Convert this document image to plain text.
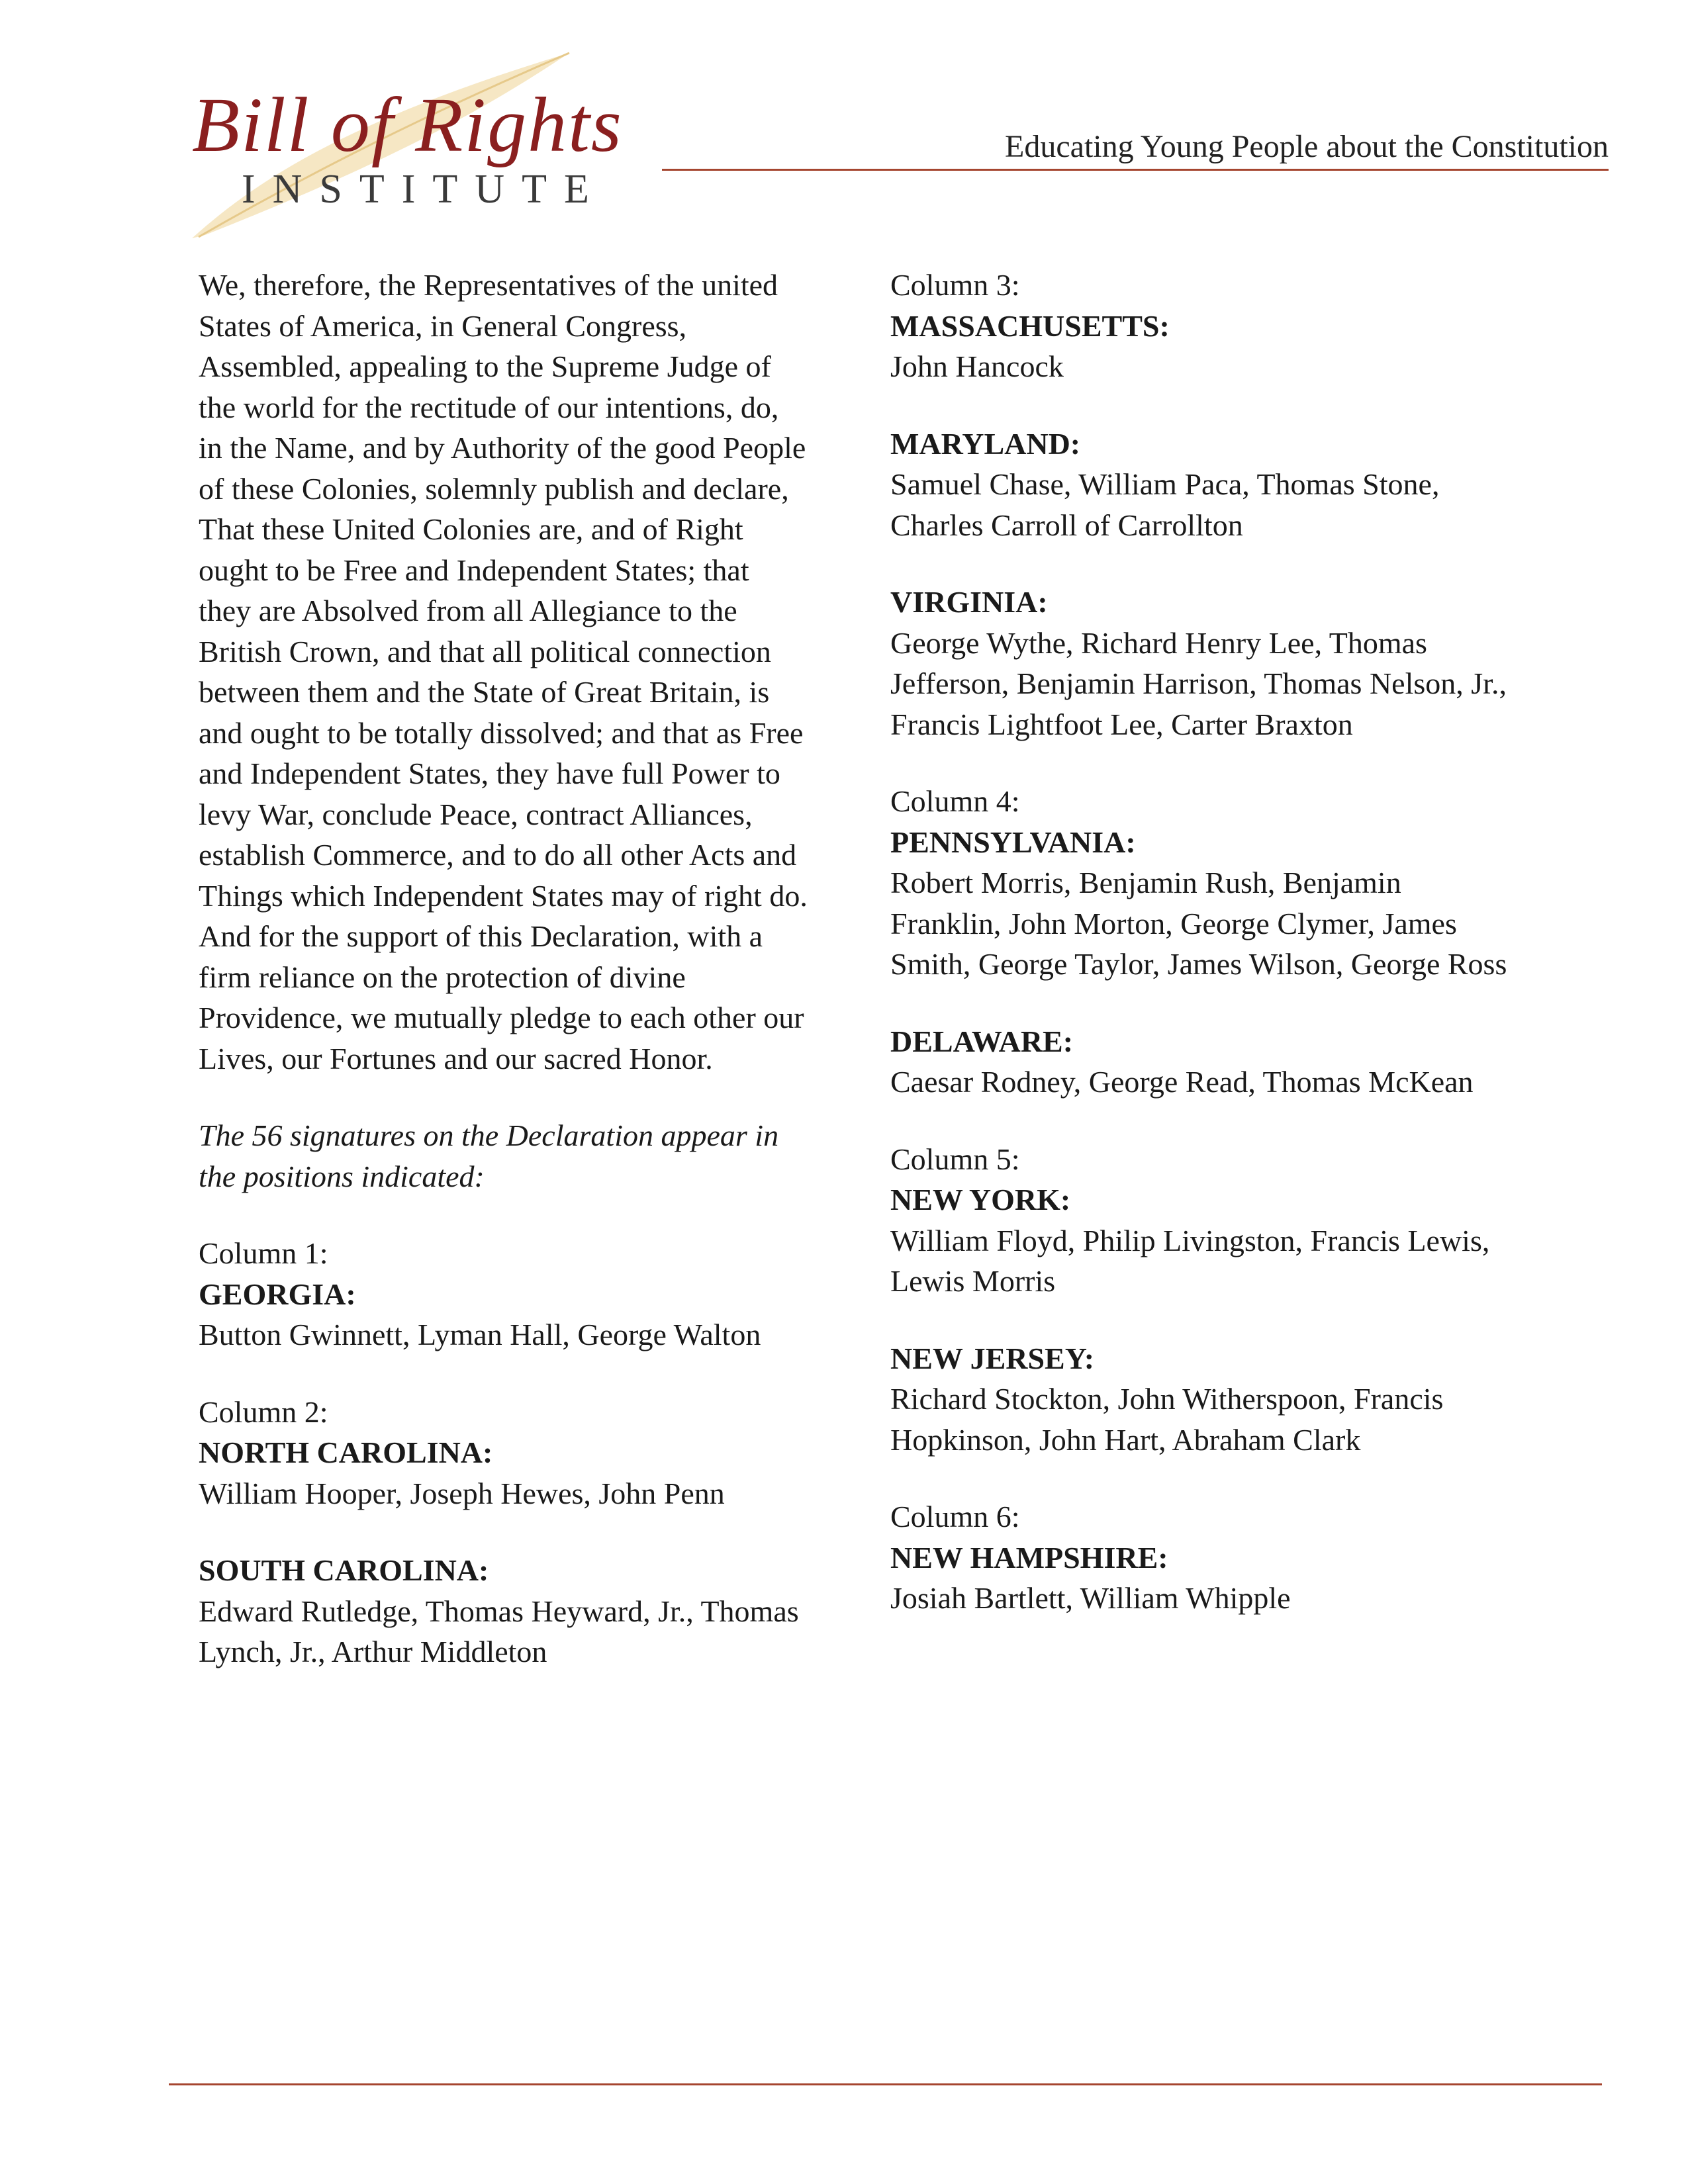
Bill of Rights
INSTITUTE
Educating Young People about the Constitution

We, therefore, the Representatives of the united States of America, in General Congress, Assembled, appealing to the Supreme Judge of the world for the rectitude of our intentions, do, in the Name, and by Authority of the good People of these Colonies, solemnly publish and declare, That these United Colonies are, and of Right ought to be Free and Independent States; that they are Absolved from all Allegiance to the British Crown, and that all political connection between them and the State of Great Britain, is and ought to be totally dissolved; and that as Free and Independent States, they have full Power to levy War, conclude Peace, contract Alliances, establish Commerce, and to do all other Acts and Things which Independent States may of right do. And for the support of this Declaration, with a firm reliance on the protection of divine Providence, we mutually pledge to each other our Lives, our Fortunes and our sacred Honor.

The 56 signatures on the Declaration appear in the positions indicated:

Column 1:

GEORGIA:

Button Gwinnett, Lyman Hall, George Walton

Column 2:

NORTH CAROLINA:

William Hooper, Joseph Hewes, John Penn

SOUTH CAROLINA:

Edward Rutledge, Thomas Heyward, Jr., Thomas Lynch, Jr., Arthur Middleton

Column 3:

MASSACHUSETTS:

John Hancock

MARYLAND:

Samuel Chase, William Paca, Thomas Stone, Charles Carroll of Carrollton

VIRGINIA:

George Wythe, Richard Henry Lee, Thomas Jefferson, Benjamin Harrison, Thomas Nelson, Jr., Francis Lightfoot Lee, Carter Braxton

Column 4:

PENNSYLVANIA:

Robert Morris, Benjamin Rush, Benjamin Franklin, John Morton, George Clymer, James Smith, George Taylor, James Wilson, George Ross

DELAWARE:

Caesar Rodney, George Read, Thomas McKean

Column 5:

NEW YORK:

William Floyd, Philip Livingston, Francis Lewis, Lewis Morris

NEW JERSEY:

Richard Stockton, John Witherspoon, Francis Hopkinson, John Hart, Abraham Clark

Column 6:

NEW HAMPSHIRE:

Josiah Bartlett, William Whipple
